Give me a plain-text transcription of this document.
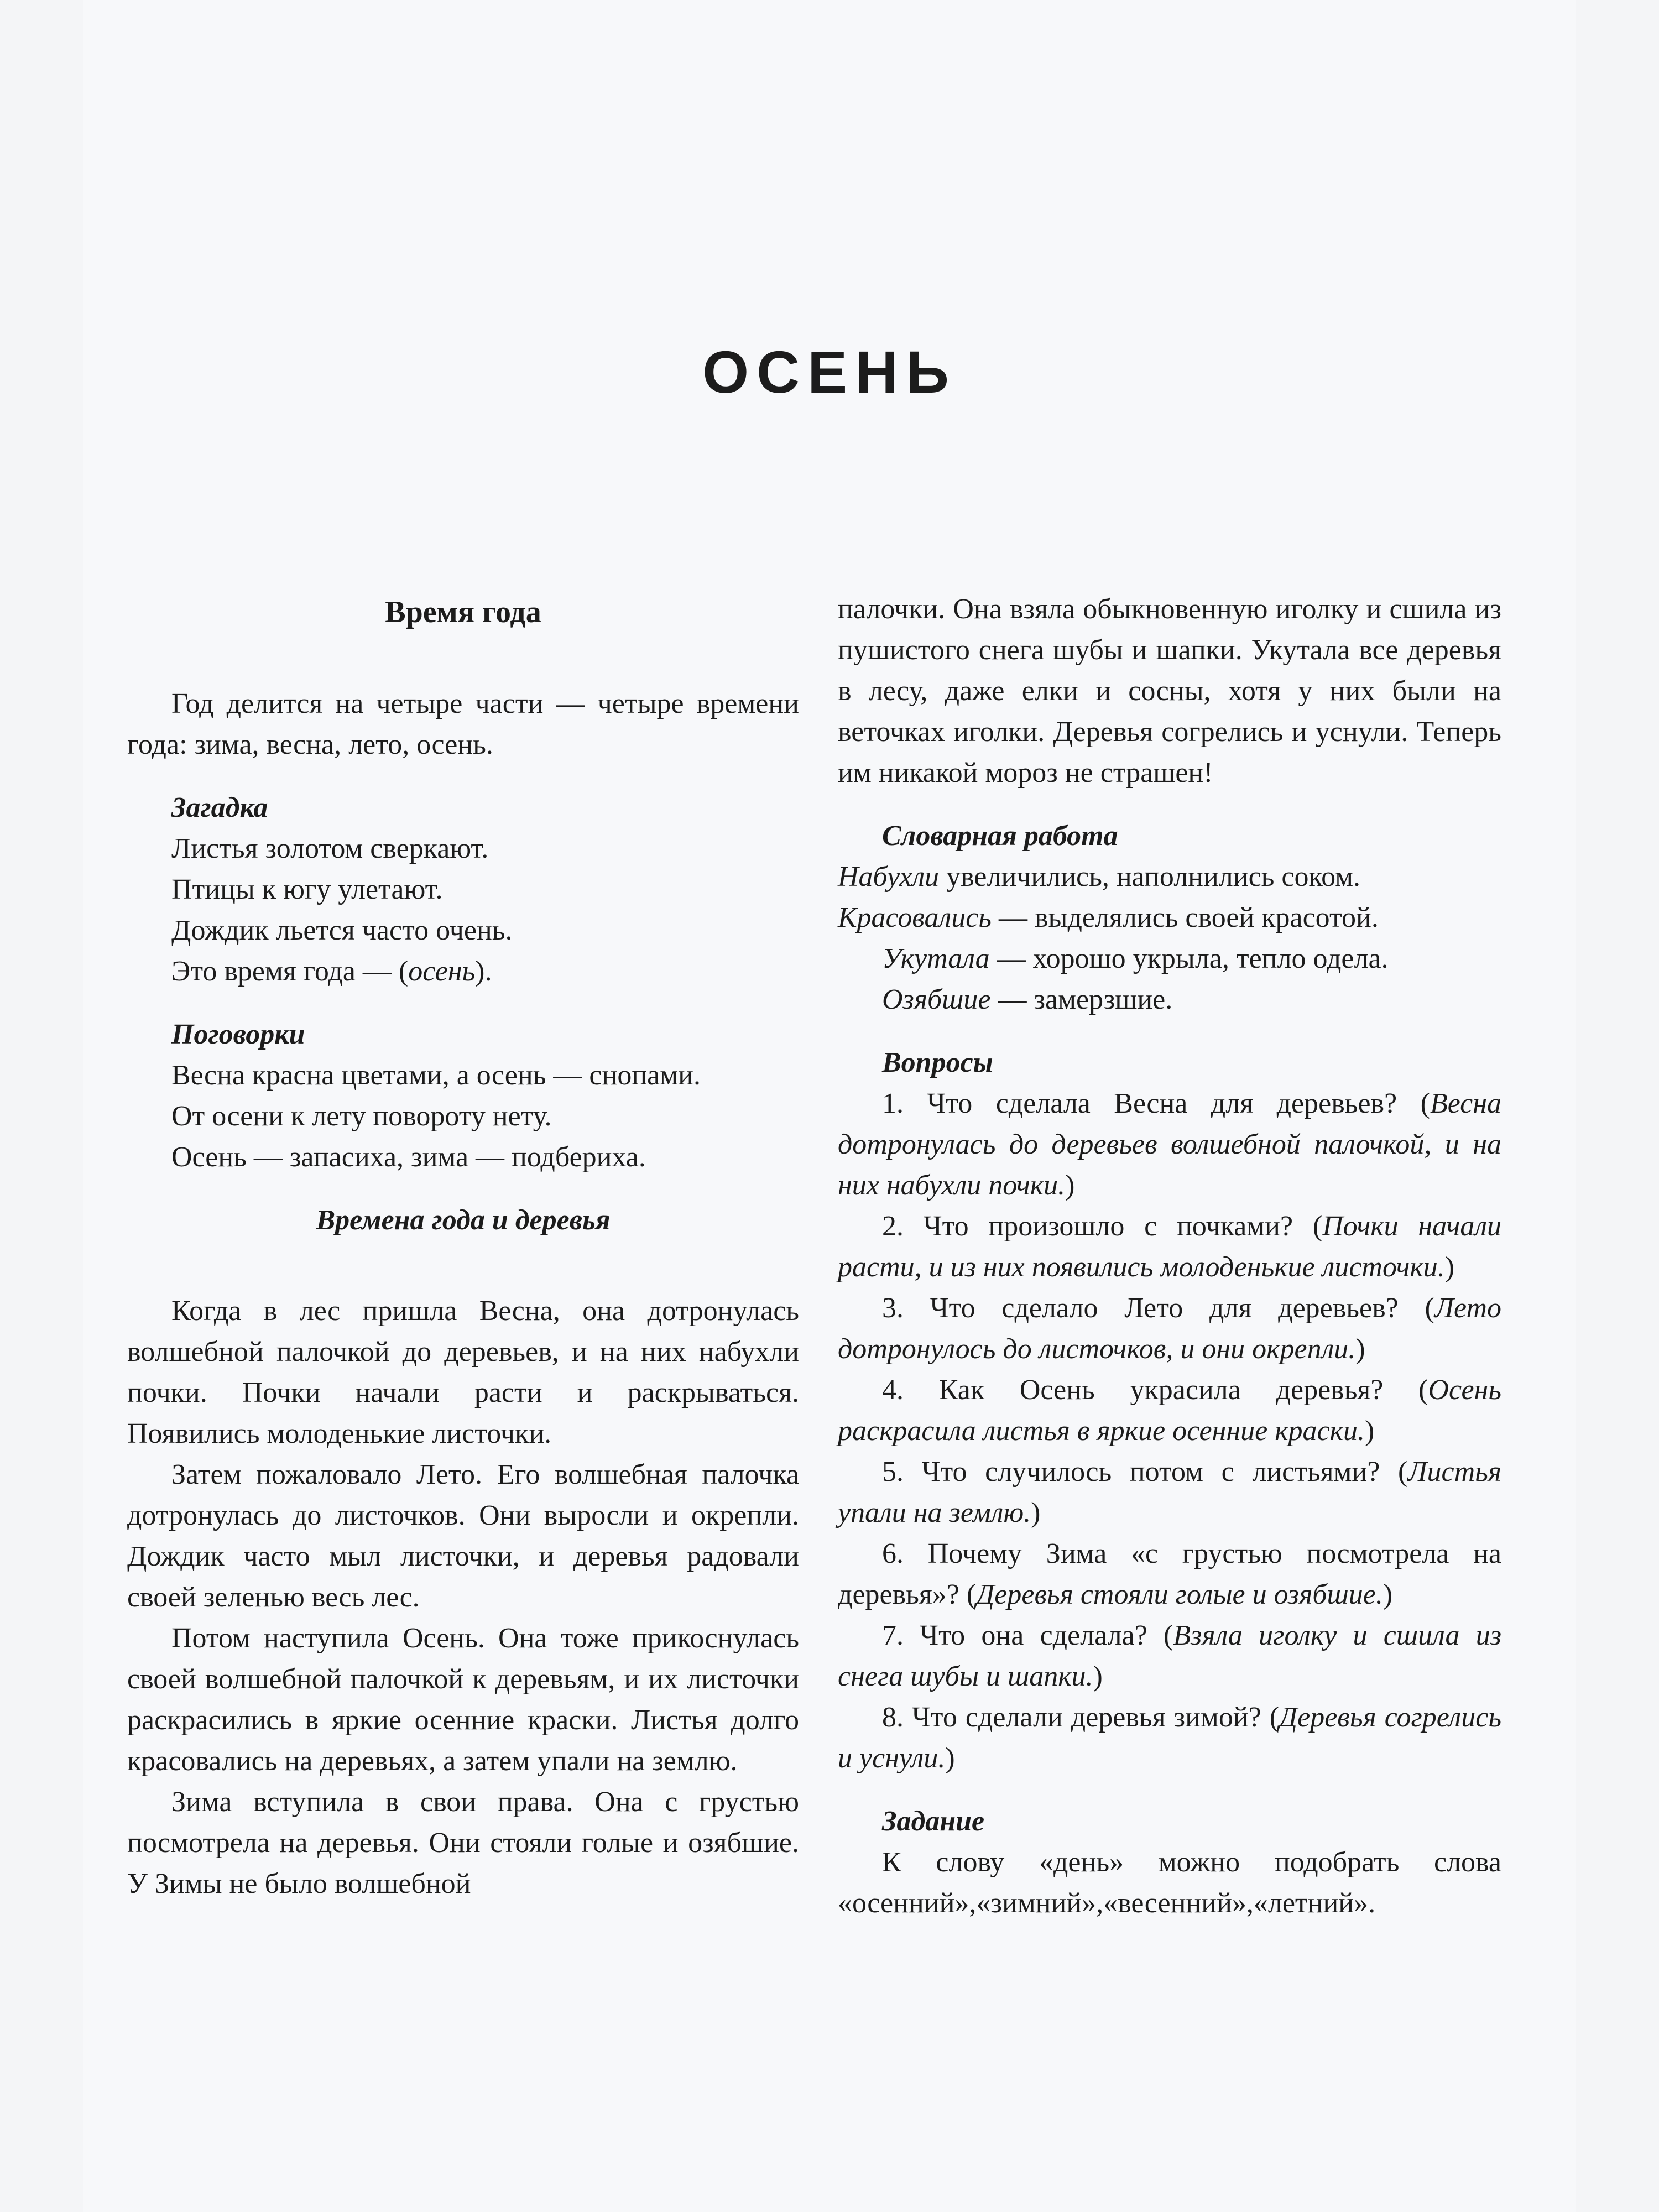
ОСЕНЬ
Время года

Год делится на четыре части — четыре времени года: зима, весна, лето, осень.

Загадка

Листья золотом сверкают.

Птицы к югу улетают.

Дождик льется часто очень.

Это время года — (осень).

Поговорки

Весна красна цветами, а осень — снопами.

От осени к лету повороту нету.

Осень — запасиха, зима — подбериха.

Времена года и деревья

Когда в лес пришла Весна, она дотронулась волшебной палочкой до деревьев, и на них набухли почки. Почки начали расти и раскрываться. Появились молоденькие листочки.

Затем пожаловало Лето. Его волшебная палочка дотронулась до листочков. Они выросли и окрепли. Дождик часто мыл листочки, и деревья радовали своей зеленью весь лес.

Потом наступила Осень. Она тоже прикоснулась своей волшебной палочкой к деревьям, и их листочки раскрасились в яркие осенние краски. Листья долго красовались на деревьях, а затем упали на землю.

Зима вступила в свои права. Она с грустью посмотрела на деревья. Они стояли голые и озябшие. У Зимы не было волшебной

палочки. Она взяла обыкновенную иголку и сшила из пушистого снега шубы и шапки. Укутала все деревья в лесу, даже елки и сосны, хотя у них были на веточках иголки. Деревья согрелись и уснули. Теперь им никакой мороз не страшен!

Словарная работа

Набухли увеличились, наполнились соком.

Красовались — выделялись своей красотой.

Укутала — хорошо укрыла, тепло одела.

Озябшие — замерзшие.

Вопросы

1. Что сделала Весна для деревьев? (Весна дотронулась до деревьев волшебной палочкой, и на них набухли почки.)

2. Что произошло с почками? (Почки начали расти, и из них появились молоденькие листочки.)

3. Что сделало Лето для деревьев? (Лето дотронулось до листочков, и они окрепли.)

4. Как Осень украсила деревья? (Осень раскрасила листья в яркие осенние краски.)

5. Что случилось потом с листьями? (Листья упали на землю.)

6. Почему Зима «с грустью посмотрела на деревья»? (Деревья стояли голые и озябшие.)

7. Что она сделала? (Взяла иголку и сшила из снега шубы и шапки.)

8. Что сделали деревья зимой? (Деревья согрелись и уснули.)

Задание

К слову «день» можно подобрать слова «осенний»,«зимний»,«весенний»,«летний».
